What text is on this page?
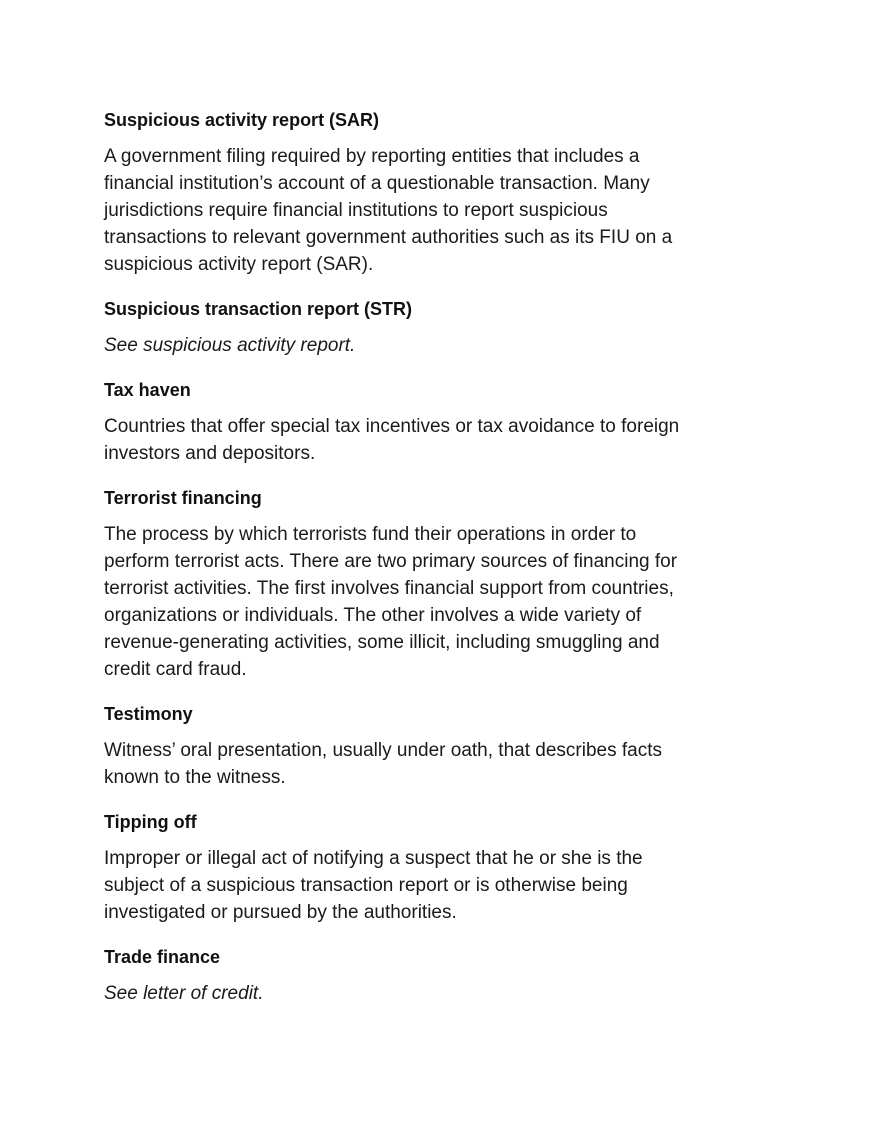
Suspicious activity report (SAR)
A government filing required by reporting entities that includes a
financial institution’s account of a questionable transaction. Many
jurisdictions require financial institutions to report suspicious
transactions to relevant government authorities such as its FIU on a
suspicious activity report (SAR).
Suspicious transaction report (STR)
See suspicious activity report.
Tax haven
Countries that offer special tax incentives or tax avoidance to foreign
investors and depositors.
Terrorist financing
The process by which terrorists fund their operations in order to
perform terrorist acts. There are two primary sources of financing for
terrorist activities. The first involves financial support from countries,
organizations or individuals. The other involves a wide variety of
revenue-generating activities, some illicit, including smuggling and
credit card fraud.
Testimony
Witness’ oral presentation, usually under oath, that describes facts
known to the witness.
Tipping off
Improper or illegal act of notifying a suspect that he or she is the
subject of a suspicious transaction report or is otherwise being
investigated or pursued by the authorities.
Trade finance
See letter of credit.
